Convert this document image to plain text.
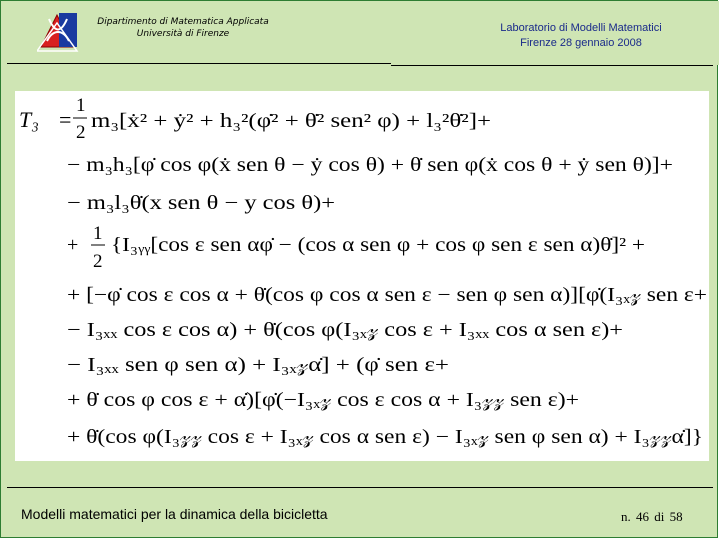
Dipartimento di Matematica Applicata
Università di Firenze	Laboratorio di Modelli Matematici
Firenze 28 gennaio 2008
T₃ =
1
2
m₃[ẋ² + ẏ² + h₃²(φ̇² + θ̇² sen² φ) + l₃²θ̇²]+
− m₃h₃[φ̇ cos φ(ẋ sen θ − ẏ cos θ) + θ̇ sen φ(ẋ cos θ + ẏ sen θ)]+
− m₃l₃θ̇(x sen θ − y cos θ)+
+
1
2
{I₃ᵧᵧ[cos ε sen αφ̇ − (cos α sen φ + cos φ sen ε sen α)θ̇]² +
+ [−φ̇ cos ε cos α + θ̇(cos φ cos α sen ε − sen φ sen α)][φ̇(I₃ₓ𝓏 sen ε+
− I₃ₓₓ cos ε cos α) + θ̇(cos φ(I₃ₓ𝓏 cos ε + I₃ₓₓ cos α sen ε)+
− I₃ₓₓ sen φ sen α) + I₃ₓ𝓏α̇] + (φ̇ sen ε+
+ θ̇ cos φ cos ε + α̇)[φ̇(−I₃ₓ𝓏 cos ε cos α + I₃𝓏𝓏 sen ε)+
+ θ̇(cos φ(I₃𝓏𝓏 cos ε + I₃ₓ𝓏 cos α sen ε) − I₃ₓ𝓏 sen φ sen α) + I₃𝓏𝓏α̇]}
Modelli matematici per la dinamica della bicicletta	n. 46 di 58
